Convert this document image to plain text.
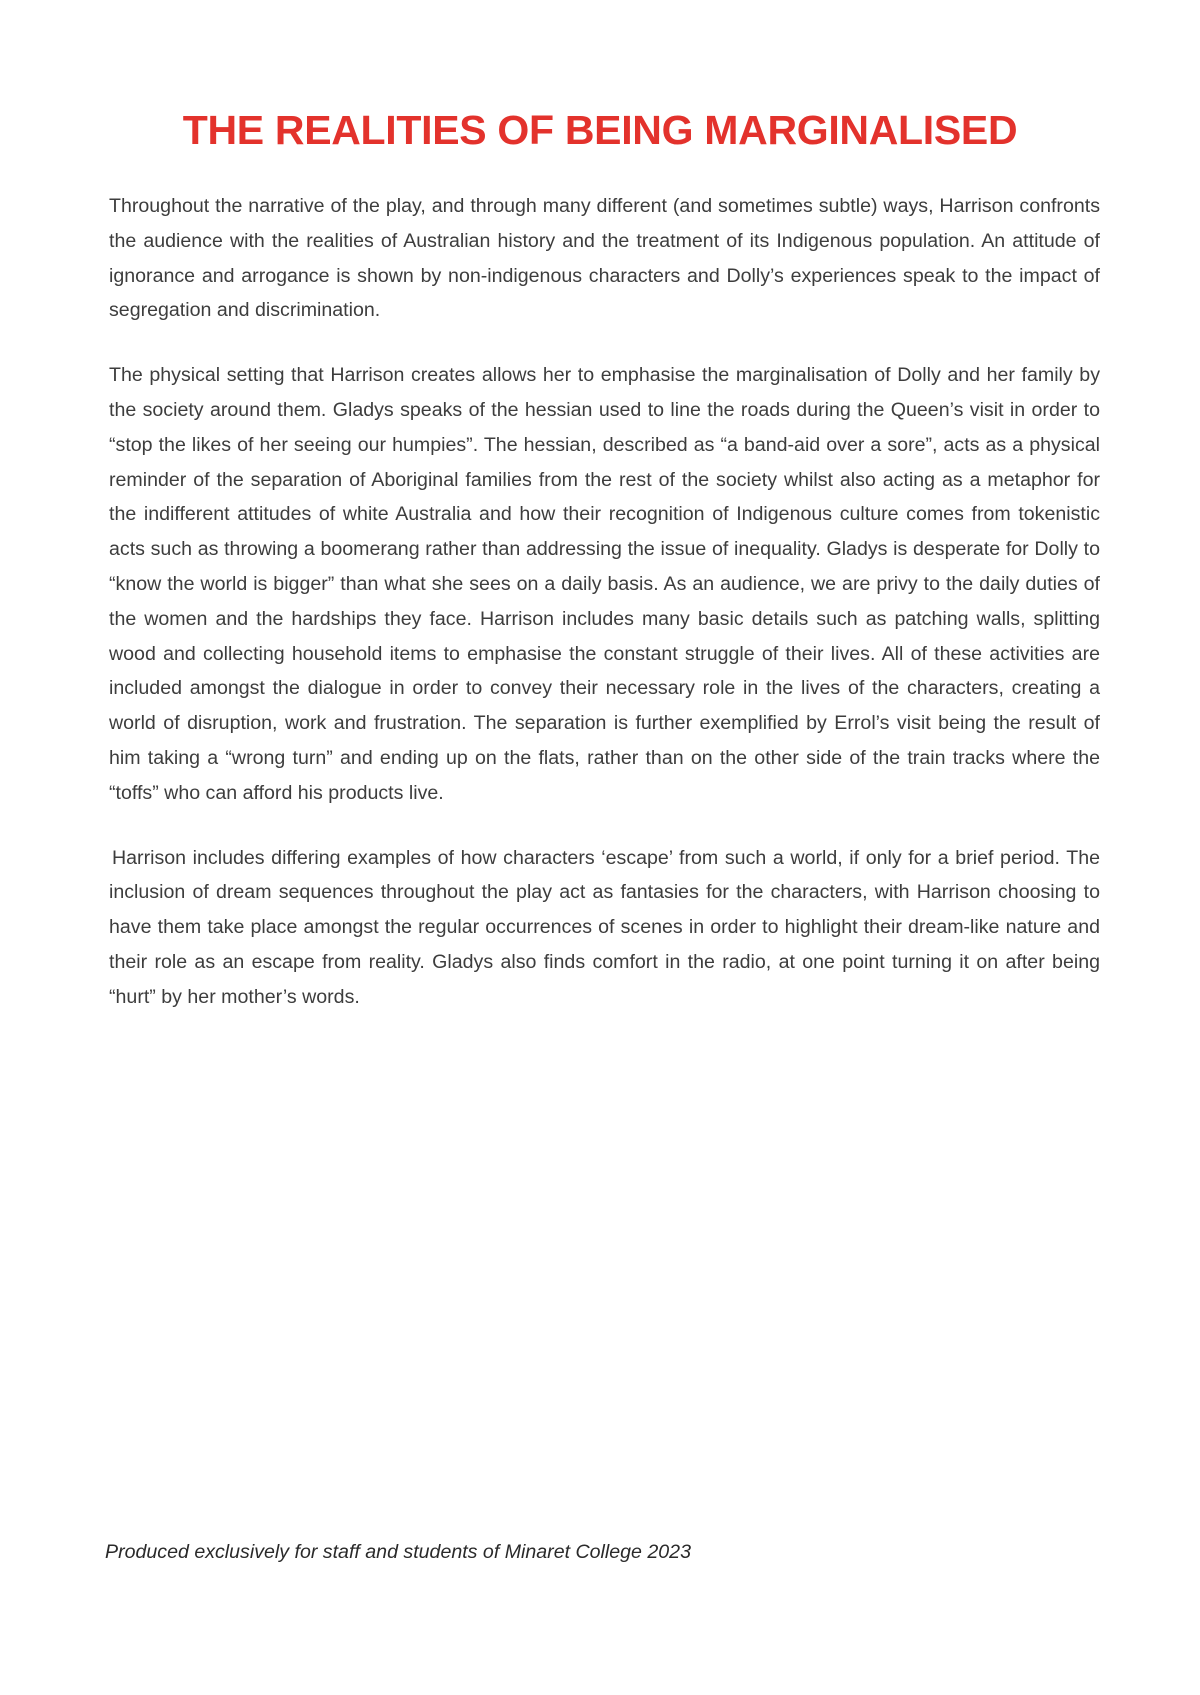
THE REALITIES OF BEING MARGINALISED

Throughout the narrative of the play, and through many different (and sometimes subtle) ways, Harrison confronts the audience with the realities of Australian history and the treatment of its Indigenous population. An attitude of ignorance and arrogance is shown by non-indigenous characters and Dolly’s experiences speak to the impact of segregation and discrimination.

The physical setting that Harrison creates allows her to emphasise the marginalisation of Dolly and her family by the society around them. Gladys speaks of the hessian used to line the roads during the Queen’s visit in order to “stop the likes of her seeing our humpies”. The hessian, described as “a band-aid over a sore”, acts as a physical reminder of the separation of Aboriginal families from the rest of the society whilst also acting as a metaphor for the indifferent attitudes of white Australia and how their recognition of Indigenous culture comes from tokenistic acts such as throwing a boomerang rather than addressing the issue of inequality. Gladys is desperate for Dolly to “know the world is bigger” than what she sees on a daily basis. As an audience, we are privy to the daily duties of the women and the hardships they face. Harrison includes many basic details such as patching walls, splitting wood and collecting household items to emphasise the constant struggle of their lives. All of these activities are included amongst the dialogue in order to convey their necessary role in the lives of the characters, creating a world of disruption, work and frustration. The separation is further exemplified by Errol’s visit being the result of him taking a “wrong turn” and ending up on the flats, rather than on the other side of the train tracks where the “toffs” who can afford his products live.

Harrison includes differing examples of how characters ‘escape’ from such a world, if only for a brief period. The inclusion of dream sequences throughout the play act as fantasies for the characters, with Harrison choosing to have them take place amongst the regular occurrences of scenes in order to highlight their dream-like nature and their role as an escape from reality. Gladys also finds comfort in the radio, at one point turning it on after being “hurt” by her mother’s words.

Produced exclusively for staff and students of Minaret College 2023
